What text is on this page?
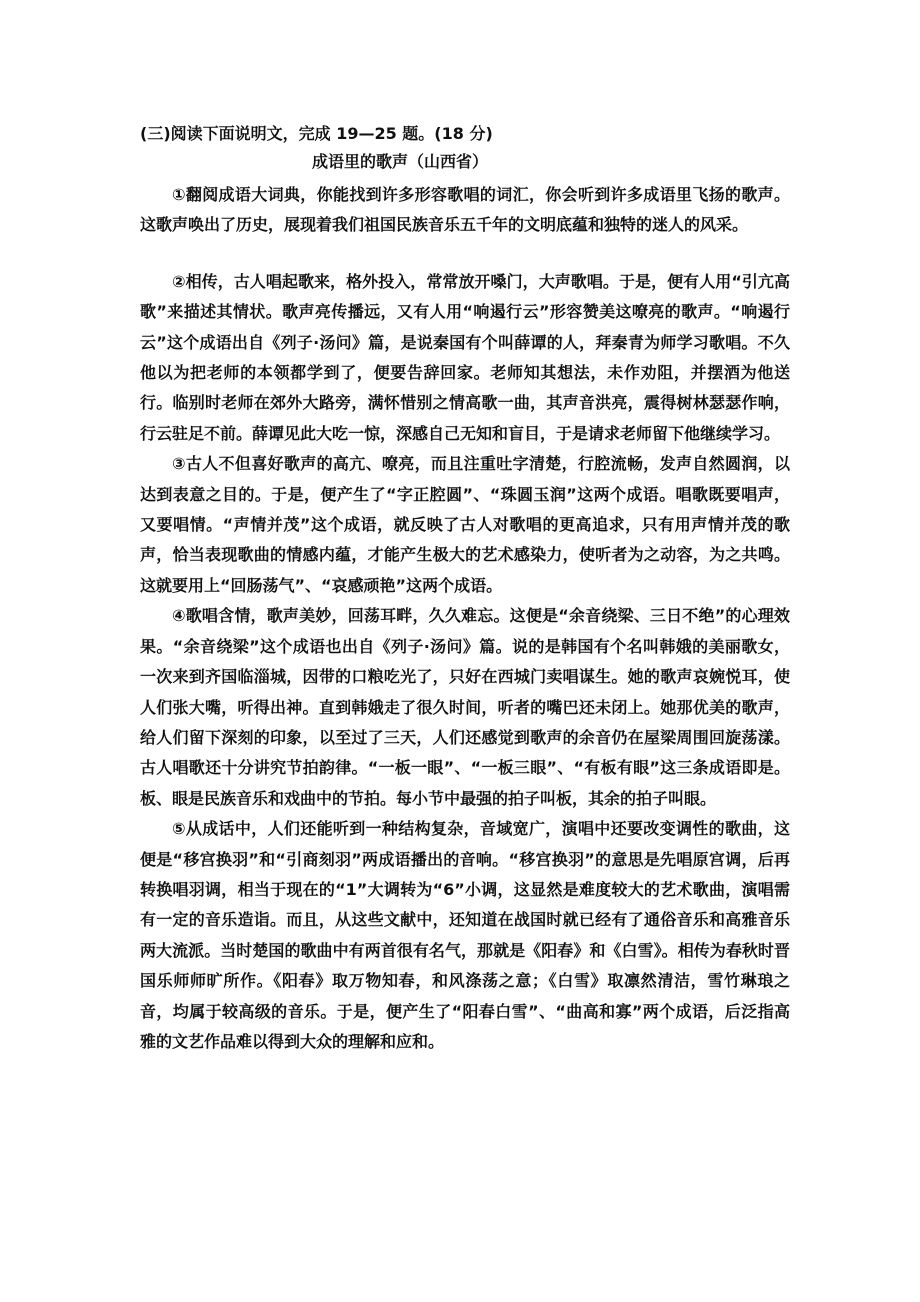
(三)阅读下面说明文，完成 19—25 题。(18 分)
成语里的歌声（山西省）

①翻阅成语大词典，你能找到许多形容歌唱的词汇，你会听到许多成语里飞扬的歌声。这歌声唤出了历史，展现着我们祖国民族音乐五千年的文明底蕴和独特的迷人的风采。

②相传，古人唱起歌来，格外投入，常常放开嗓门，大声歌唱。于是，便有人用“引亢高歌”来描述其情状。歌声亮传播远，又有人用“响遏行云”形容赞美这嘹亮的歌声。“响遏行云”这个成语出自《列子·汤问》篇，是说秦国有个叫薛谭的人，拜秦青为师学习歌唱。不久他以为把老师的本领都学到了，便要告辞回家。老师知其想法，未作劝阻，并摆酒为他送行。临别时老师在郊外大路旁，满怀惜别之情高歌一曲，其声音洪亮，震得树林瑟瑟作响，行云驻足不前。薛谭见此大吃一惊，深感自己无知和盲目，于是请求老师留下他继续学习。

③古人不但喜好歌声的高亢、嘹亮，而且注重吐字清楚，行腔流畅，发声自然圆润，以达到表意之目的。于是，便产生了“字正腔圆”、“珠圆玉润”这两个成语。唱歌既要唱声，又要唱情。“声情并茂”这个成语，就反映了古人对歌唱的更高追求，只有用声情并茂的歌声，恰当表现歌曲的情感内蕴，才能产生极大的艺术感染力，使听者为之动容，为之共鸣。这就要用上“回肠荡气”、“哀感顽艳”这两个成语。

④歌唱含情，歌声美妙，回荡耳畔，久久难忘。这便是“余音绕梁、三日不绝”的心理效果。“余音绕梁”这个成语也出自《列子·汤问》篇。说的是韩国有个名叫韩娥的美丽歌女，一次来到齐国临淄城，因带的口粮吃光了，只好在西城门卖唱谋生。她的歌声哀婉悦耳，使人们张大嘴，听得出神。直到韩娥走了很久时间，听者的嘴巴还未闭上。她那优美的歌声，给人们留下深刻的印象，以至过了三天，人们还感觉到歌声的余音仍在屋梁周围回旋荡漾。古人唱歌还十分讲究节拍韵律。“一板一眼”、“一板三眼”、“有板有眼”这三条成语即是。板、眼是民族音乐和戏曲中的节拍。每小节中最强的拍子叫板，其余的拍子叫眼。

⑤从成话中，人们还能听到一种结构复杂，音域宽广，演唱中还要改变调性的歌曲，这便是“移宫换羽”和“引商刻羽”两成语播出的音响。“移宫换羽”的意思是先唱原宫调，后再转换唱羽调，相当于现在的“1”大调转为“6”小调，这显然是难度较大的艺术歌曲，演唱需有一定的音乐造诣。而且，从这些文献中，还知道在战国时就已经有了通俗音乐和高雅音乐两大流派。当时楚国的歌曲中有两首很有名气，那就是《阳春》和《白雪》。相传为春秋时晋国乐师师旷所作。《阳春》取万物知春，和风涤荡之意；《白雪》取凛然清洁，雪竹琳琅之音，均属于较高级的音乐。于是，便产生了“阳春白雪”、“曲高和寡”两个成语，后泛指高雅的文艺作品难以得到大众的理解和应和。
